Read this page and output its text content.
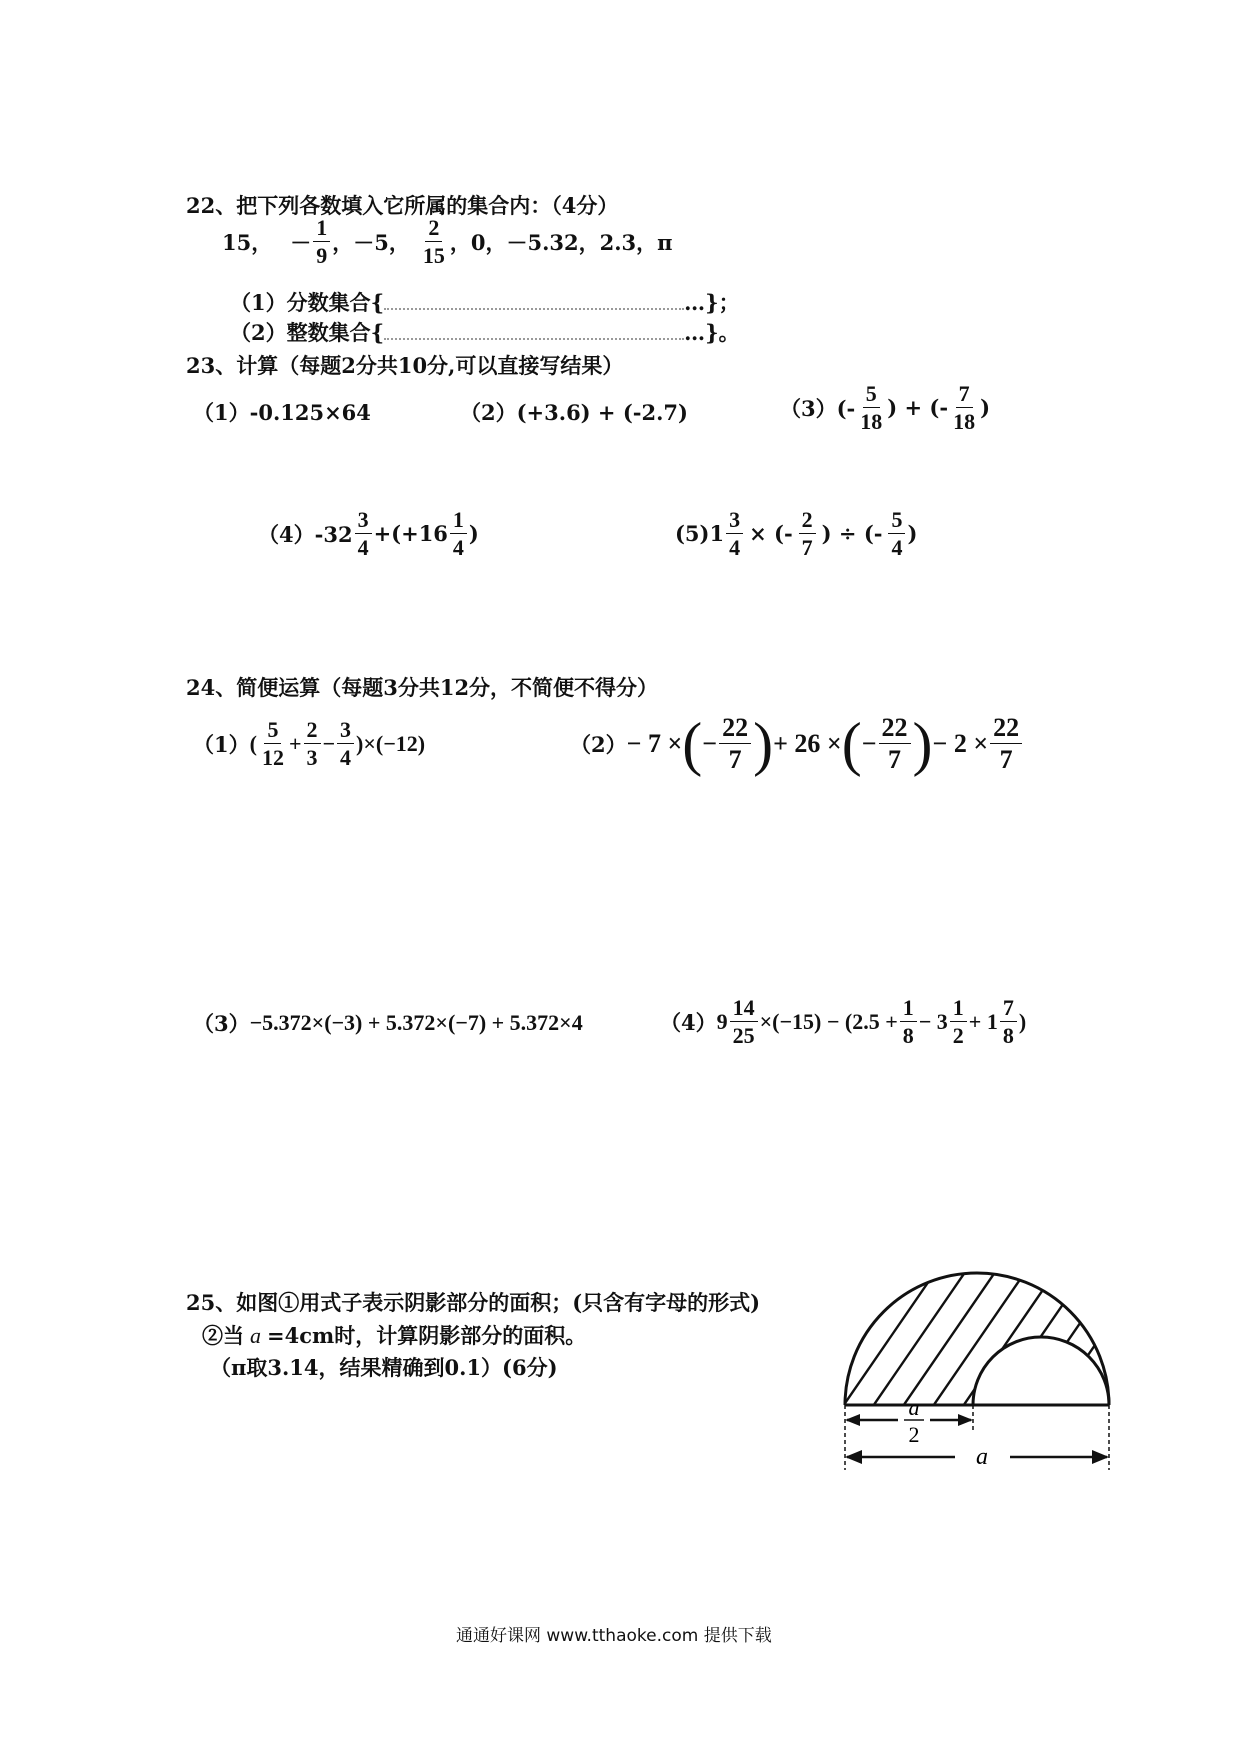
22、把下列各数填入它所属的集合内：（4分）
15， － $\frac{1}{9}$ ，－5， $\frac{2}{15}$ ，0，－5.32，2.3，π
（1）分数集合{	…}；
（2）整数集合{	…}。
23、计算（每题2分共10分,可以直接写结果）
（1）-0.125×64	（2）(+3.6) + (-2.7)	$(3)(- \frac{5}{18}$ ) + (- $\frac{7}{18}$ )
$(4)-32 \frac{3}{4} +(+16 \frac{1}{4}$ )	$(5)1 \frac{3}{4}$ × (- $\frac{2}{7}$ ) ÷ (- $\frac{5}{4}$ )
24、简便运算（每题3分共12分，不简便不得分）
（1） ( $\frac{5}{12} + \frac{2}{3} - \frac{3}{4} )\times(-12)$	（2） − 7 × ( − $\frac{22}{7}$ ) + 26 × ( − $\frac{22}{7}$ ) − $2 \times \frac{22}{7}$
（3） −5.372×(−3) + 5.372×(−7) + 5.372×4	（4） $9 \frac{14}{25} \times(-15) - (2.5 + \frac{1}{8} - 3 \frac{1}{2} + 1 \frac{7}{8}$ )
25、如图①用式子表示阴影部分的面积；(只含有字母的形式)
②当 a =4cm时，计算阴影部分的面积。
（π取3.14，结果精确到0.1）(6分)
a
2
a
通通好课网 www.tthaoke.com 提供下载
